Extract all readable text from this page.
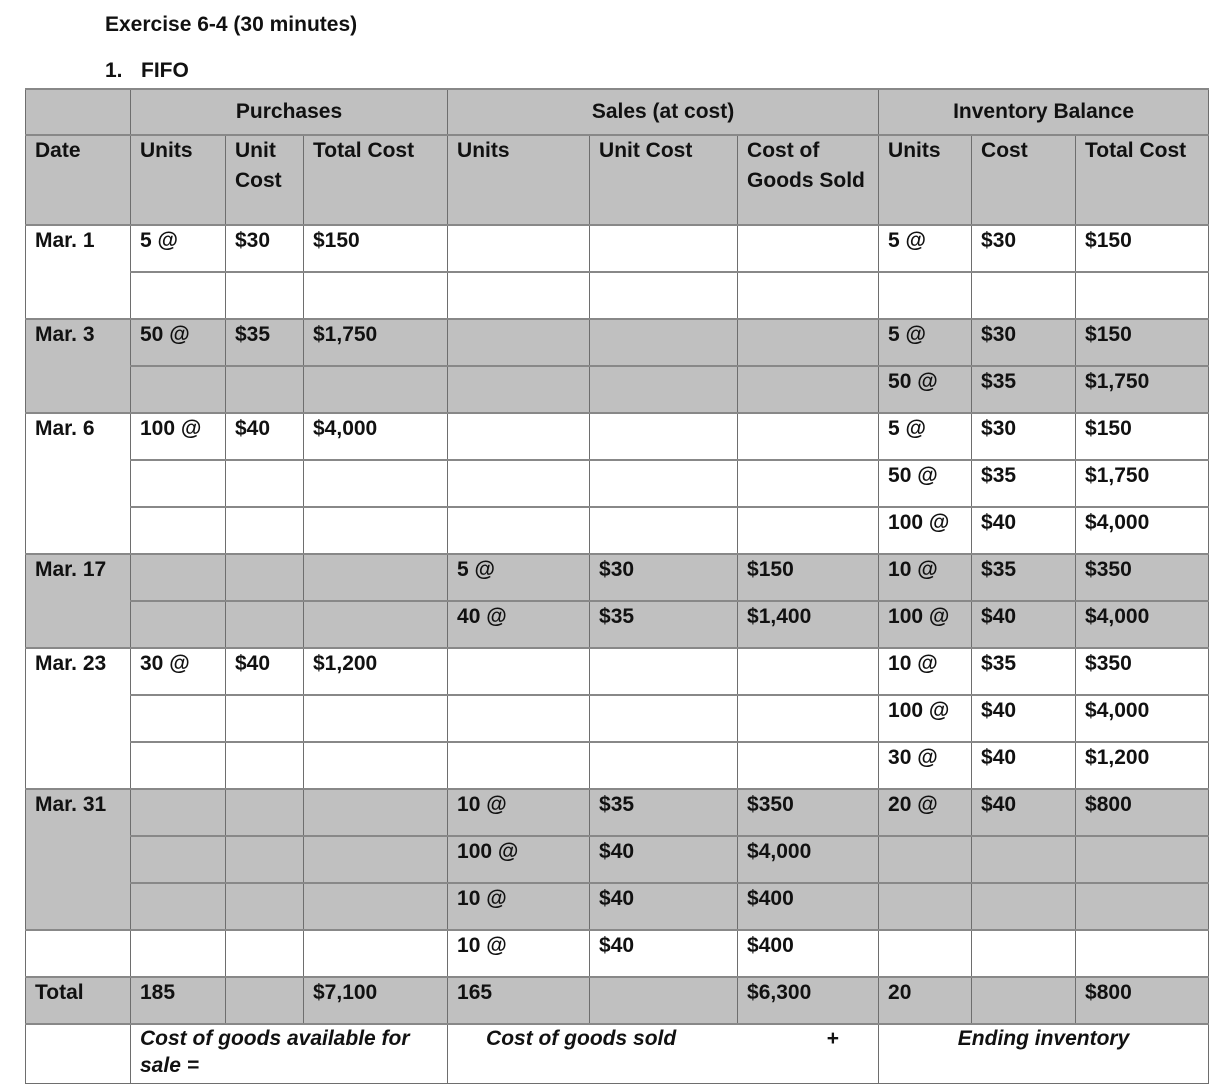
Exercise 6-4 (30 minutes)
1. FIFO
	Purchases			Sales (at cost)			Inventory Balance		
Date	Units	Unit Cost	Total Cost	Units	Unit Cost	Cost of Goods Sold	Units	Cost	Total Cost
Mar. 1	5 @	$30	$150				5 @	$30	$150

Mar. 3	50 @	$35	$1,750				5 @	$30	$150
							50 @	$35	$1,750
Mar. 6	100 @	$40	$4,000				5 @	$30	$150
							50 @	$35	$1,750
							100 @	$40	$4,000
Mar. 17				5 @	$30	$150	10 @	$35	$350
				40 @	$35	$1,400	100 @	$40	$4,000
Mar. 23	30 @	$40	$1,200				10 @	$35	$350
							100 @	$40	$4,000
							30 @	$40	$1,200
Mar. 31				10 @	$35	$350	20 @	$40	$800
				100 @	$40	$4,000			
				10 @	$40	$400			
				10 @	$40	$400			
Total	185		$7,100	165		$6,300	20		$800
	Cost of goods available for sale =			Cost of goods sold +			Ending inventory		
